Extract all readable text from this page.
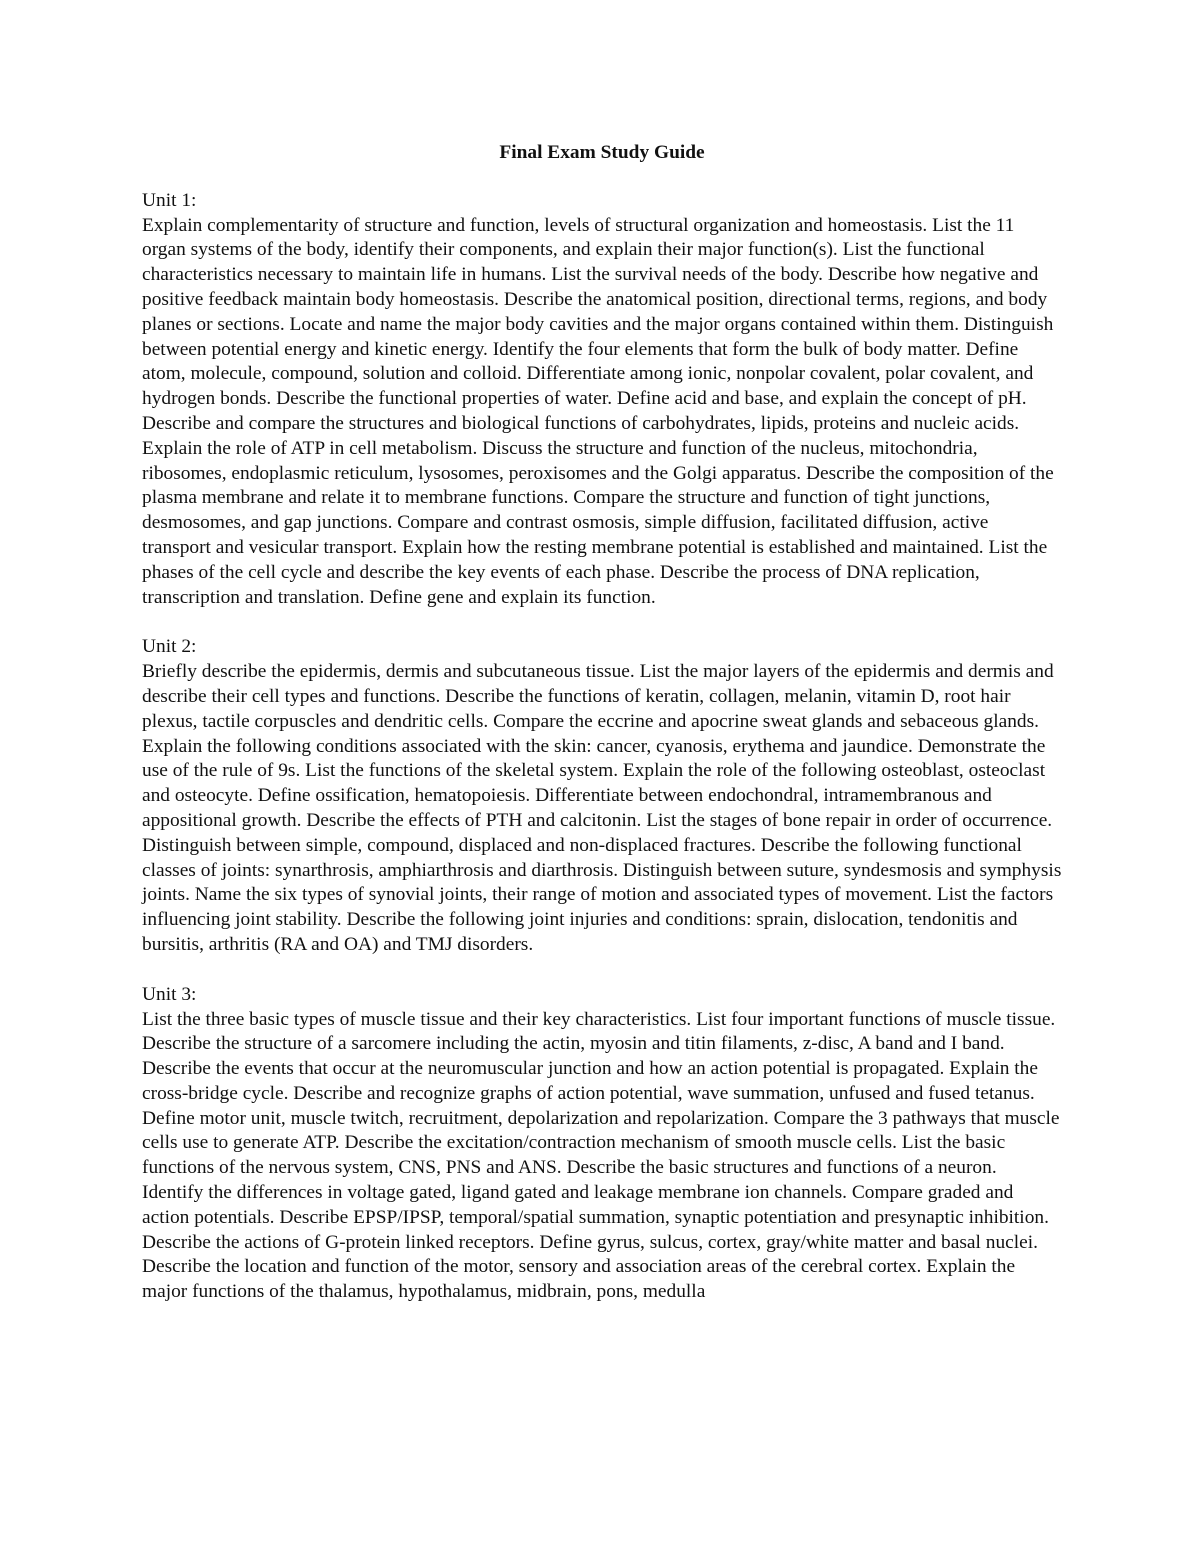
Final Exam Study Guide

Unit 1:

Explain complementarity of structure and function, levels of structural organization and homeostasis. List the 11 organ systems of the body, identify their components, and explain their major function(s). List the functional characteristics necessary to maintain life in humans. List the survival needs of the body. Describe how negative and positive feedback maintain body homeostasis. Describe the anatomical position, directional terms, regions, and body planes or sections. Locate and name the major body cavities and the major organs contained within them. Distinguish between potential energy and kinetic energy. Identify the four elements that form the bulk of body matter. Define atom, molecule, compound, solution and colloid. Differentiate among ionic, nonpolar covalent, polar covalent, and hydrogen bonds. Describe the functional properties of water. Define acid and base, and explain the concept of pH. Describe and compare the structures and biological functions of carbohydrates, lipids, proteins and nucleic acids. Explain the role of ATP in cell metabolism. Discuss the structure and function of the nucleus, mitochondria, ribosomes, endoplasmic reticulum, lysosomes, peroxisomes and the Golgi apparatus. Describe the composition of the plasma membrane and relate it to membrane functions. Compare the structure and function of tight junctions, desmosomes, and gap junctions. Compare and contrast osmosis, simple diffusion, facilitated diffusion, active transport and vesicular transport. Explain how the resting membrane potential is established and maintained. List the phases of the cell cycle and describe the key events of each phase. Describe the process of DNA replication, transcription and translation. Define gene and explain its function.

Unit 2:

Briefly describe the epidermis, dermis and subcutaneous tissue. List the major layers of the epidermis and dermis and describe their cell types and functions. Describe the functions of keratin, collagen, melanin, vitamin D, root hair plexus, tactile corpuscles and dendritic cells. Compare the eccrine and apocrine sweat glands and sebaceous glands. Explain the following conditions associated with the skin: cancer, cyanosis, erythema and jaundice. Demonstrate the use of the rule of 9s. List the functions of the skeletal system. Explain the role of the following osteoblast, osteoclast and osteocyte. Define ossification, hematopoiesis. Differentiate between endochondral, intramembranous and appositional growth. Describe the effects of PTH and calcitonin. List the stages of bone repair in order of occurrence. Distinguish between simple, compound, displaced and non-displaced fractures. Describe the following functional classes of joints: synarthrosis, amphiarthrosis and diarthrosis. Distinguish between suture, syndesmosis and symphysis joints. Name the six types of synovial joints, their range of motion and associated types of movement. List the factors influencing joint stability. Describe the following joint injuries and conditions: sprain, dislocation, tendonitis and bursitis, arthritis (RA and OA) and TMJ disorders.

Unit 3:

List the three basic types of muscle tissue and their key characteristics. List four important functions of muscle tissue. Describe the structure of a sarcomere including the actin, myosin and titin filaments, z-disc, A band and I band. Describe the events that occur at the neuromuscular junction and how an action potential is propagated. Explain the cross-bridge cycle. Describe and recognize graphs of action potential, wave summation, unfused and fused tetanus. Define motor unit, muscle twitch, recruitment, depolarization and repolarization. Compare the 3 pathways that muscle cells use to generate ATP. Describe the excitation/contraction mechanism of smooth muscle cells. List the basic functions of the nervous system, CNS, PNS and ANS. Describe the basic structures and functions of a neuron. Identify the differences in voltage gated, ligand gated and leakage membrane ion channels. Compare graded and action potentials. Describe EPSP/IPSP, temporal/spatial summation, synaptic potentiation and presynaptic inhibition. Describe the actions of G-protein linked receptors. Define gyrus, sulcus, cortex, gray/white matter and basal nuclei. Describe the location and function of the motor, sensory and association areas of the cerebral cortex. Explain the major functions of the thalamus, hypothalamus, midbrain, pons, medulla
